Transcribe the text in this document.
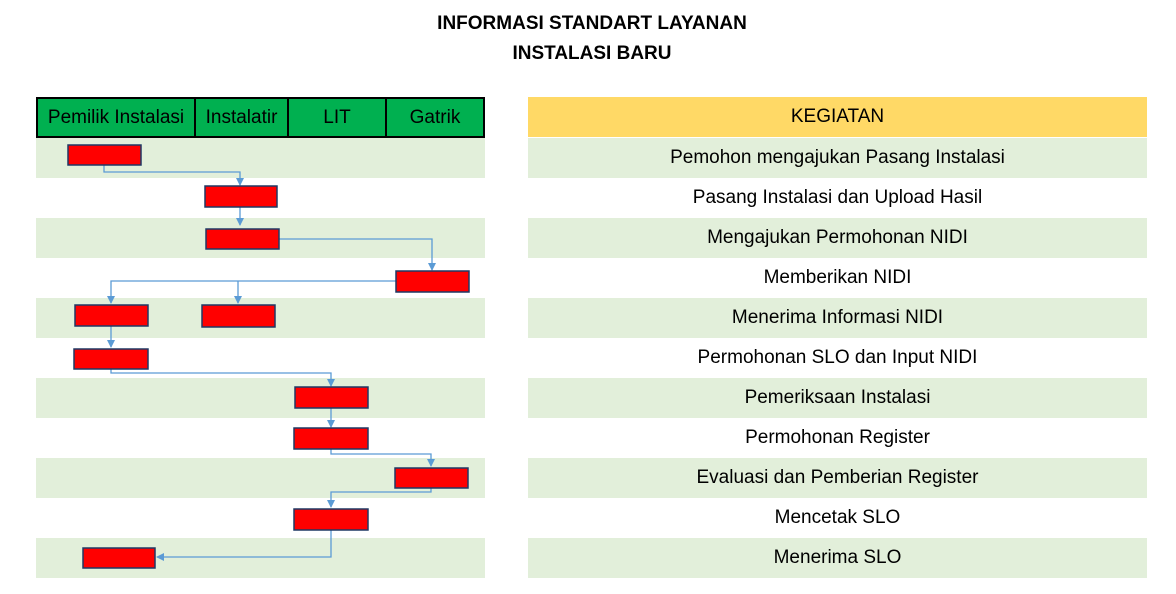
INFORMASI STANDART LAYANAN
INSTALASI BARU
Pemilik Instalasi	Instalatir	LIT	Gatrik	KEGIATAN
Pemohon mengajukan Pasang Instalasi
Pasang Instalasi dan Upload Hasil
Mengajukan Permohonan NIDI
Memberikan NIDI
Menerima Informasi NIDI
Permohonan SLO dan Input NIDI
Pemeriksaan Instalasi
Permohonan Register
Evaluasi dan Pemberian Register
Mencetak SLO
Menerima SLO
